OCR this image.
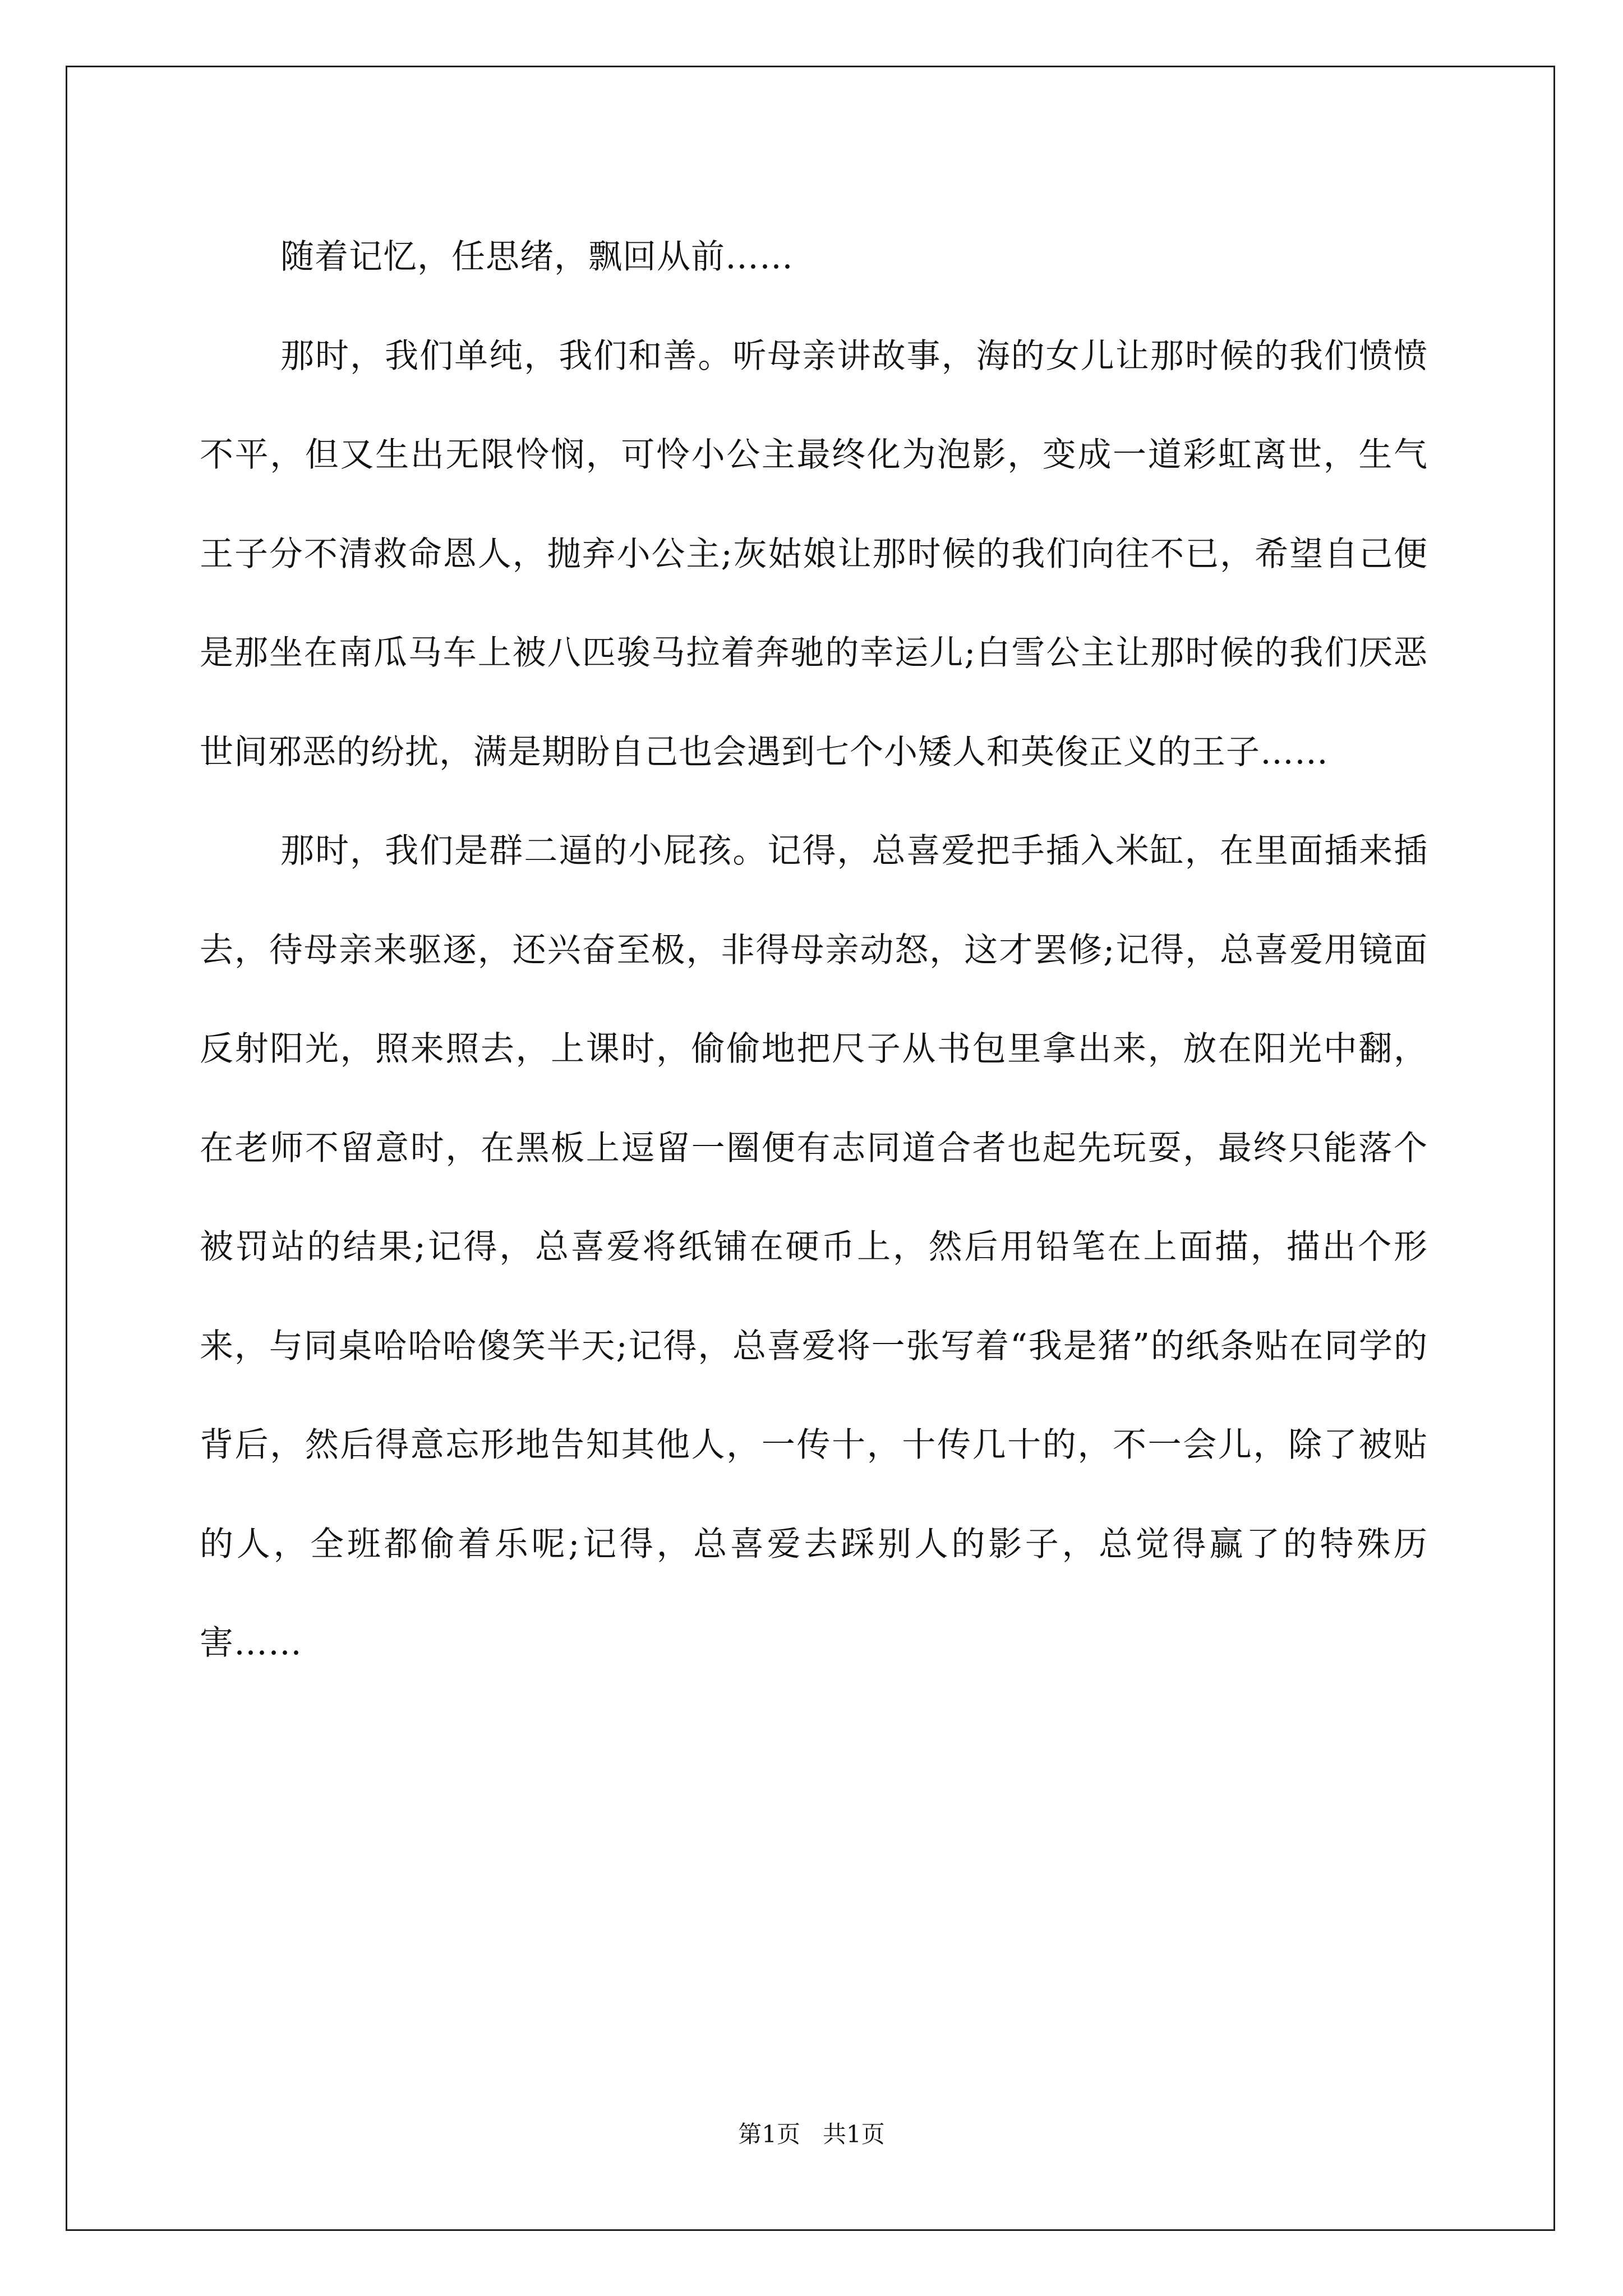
随着记忆，任思绪，飘回从前……

那时，我们单纯，我们和善。听母亲讲故事，海的女儿让那时候的我们愤愤不平，但又生出无限怜悯，可怜小公主最终化为泡影，变成一道彩虹离世，生气王子分不清救命恩人，抛弃小公主;灰姑娘让那时候的我们向往不已，希望自己便是那坐在南瓜马车上被八匹骏马拉着奔驰的幸运儿;白雪公主让那时候的我们厌恶世间邪恶的纷扰，满是期盼自己也会遇到七个小矮人和英俊正义的王子……

那时，我们是群二逼的小屁孩。记得，总喜爱把手插入米缸，在里面插来插去，待母亲来驱逐，还兴奋至极，非得母亲动怒，这才罢修;记得，总喜爱用镜面反射阳光，照来照去，上课时，偷偷地把尺子从书包里拿出来，放在阳光中翻，在老师不留意时，在黑板上逗留一圈便有志同道合者也起先玩耍，最终只能落个被罚站的结果;记得，总喜爱将纸铺在硬币上，然后用铅笔在上面描，描出个形来，与同桌哈哈哈傻笑半天;记得，总喜爱将一张写着“我是猪”的纸条贴在同学的背后，然后得意忘形地告知其他人，一传十，十传几十的，不一会儿，除了被贴的人，全班都偷着乐呢;记得，总喜爱去踩别人的影子，总觉得赢了的特殊历害……

第1页 共1页
